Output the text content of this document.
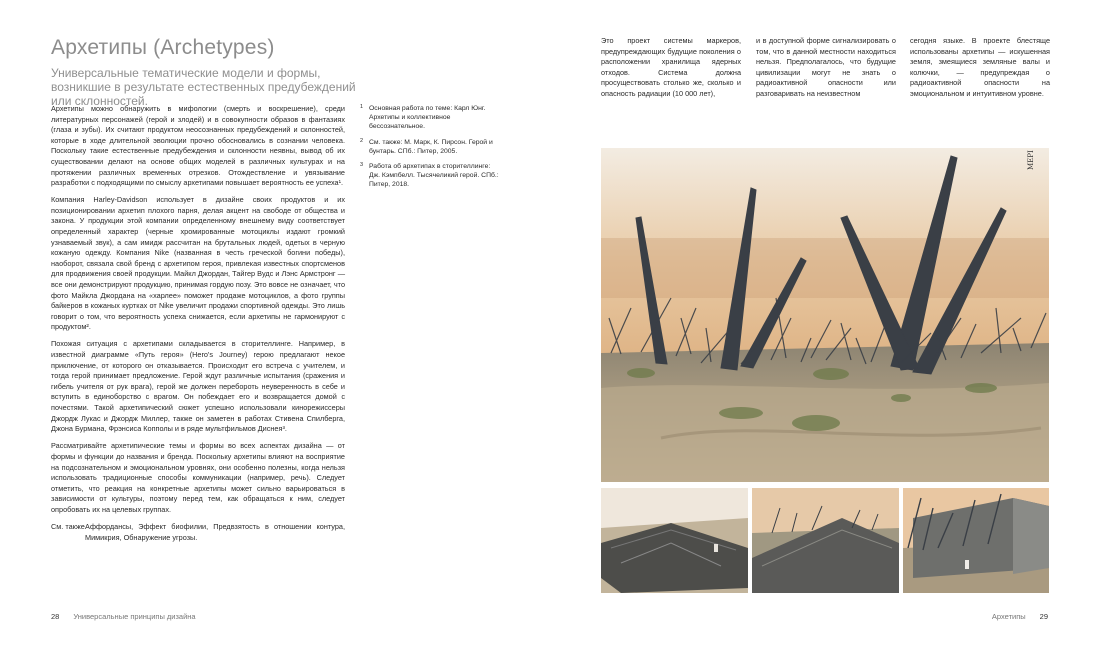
Архетипы (Archetypes)
Универсальные тематические модели и формы, возникшие в результате естественных предубеждений или склонностей.

Архетипы можно обнаружить в мифологии (смерть и воскрешение), среди литературных персонажей (герой и злодей) и в совокупности образов в фантазиях (глаза и зубы). Их считают продуктом неосознанных предубеждений и склонностей, которые в ходе длительной эволюции прочно обосновались в сознании человека. Поскольку такие естественные предубеждения и склонности неявны, вывод об их существовании делают на основе общих моделей в различных культурах и на протяжении различных временных отрезков. Отождествление и увязывание разработки с подходящими по смыслу архетипами повышает вероятность ее успеха¹.

Компания Harley-Davidson использует в дизайне своих продуктов и их позиционировании архетип плохого парня, делая акцент на свободе от общества и закона. У продукции этой компании определенному внешнему виду соответствует определенный характер (черные хромированные мотоциклы издают громкий узнаваемый звук), а сам имидж рассчитан на брутальных людей, одетых в черную кожаную одежду. Компания Nike (названная в честь греческой богини победы), наоборот, связала свой бренд с архетипом героя, привлекая известных спортсменов для продвижения своей продукции. Майкл Джордан, Тайгер Вудс и Лэнс Армстронг — все они демонстрируют продукцию, принимая гордую позу. Это вовсе не означает, что фото Майкла Джордана на «харлее» поможет продаже мотоциклов, а фото группы байкеров в кожаных куртках от Nike увеличит продажи спортивной одежды. Это лишь говорит о том, что вероятность успеха снижается, если архетипы не гармонируют с продуктом².

Похожая ситуация с архетипами складывается в сторителлинге. Например, в известной диаграмме «Путь героя» (Hero's Journey) герою предлагают некое приключение, от которого он отказывается. Происходит его встреча с учителем, и тогда герой принимает предложение. Герой ждут различные испытания (сражения и гибель учителя от рук врага), герой же должен перебороть неуверенность в себе и вступить в единоборство с врагом. Он побеждает его и возвращается домой с почестями. Такой архетипический сюжет успешно использовали кинорежиссеры Джордж Лукас и Джордж Миллер, также он заметен в работах Стивена Спилберга, Джона Бурмана, Фрэнсиса Копполы и в ряде мультфильмов Диснея³.

Рассматривайте архетипические темы и формы во всех аспектах дизайна — от формы и функции до названия и бренда. Поскольку архетипы влияют на восприятие на подсознательном и эмоциональном уровнях, они особенно полезны, когда нельзя использовать традиционные способы коммуникации (например, речь). Следует отметить, что реакция на конкретные архетипы может сильно варьироваться в зависимости от культуры, поэтому перед тем, как обращаться к ним, следует опробовать их на целевых группах.

См. также Аффордансы, Эффект биофилии, Предвзятость в отношении контура, Мимикрия, Обнаружение угрозы.
1 Основная работа по теме: Карл Юнг. Архетипы и коллективное бессознательное.
2 См. также: М. Марк, К. Пирсон. Герой и бунтарь. СПб.: Питер, 2005.
3 Работа об архетипах в сторителлинге: Дж. Кэмпбелл. Тысячеликий герой. СПб.: Питер, 2018.
Это проект системы маркеров, предупреждающих будущие поколения о расположении хранилища ядерных отходов. Система должна просуществовать столько же, сколько и опасность радиации (10 000 лет),
и в доступной форме сигнализировать о том, что в данной местности находиться нельзя. Предполагалось, что будущие цивилизации могут не знать о радиоактивной опасности или разговаривать на неизвестном
сегодня языке. В проекте блестяще использованы архетипы — искушенная земля, змеящиеся земляные валы и колючки, — предупреждая о радиоактивной опасности на эмоциональном и интуитивном уровне.
МЕРІ
28 Универсальные принципы дизайна	Архетипы 29
